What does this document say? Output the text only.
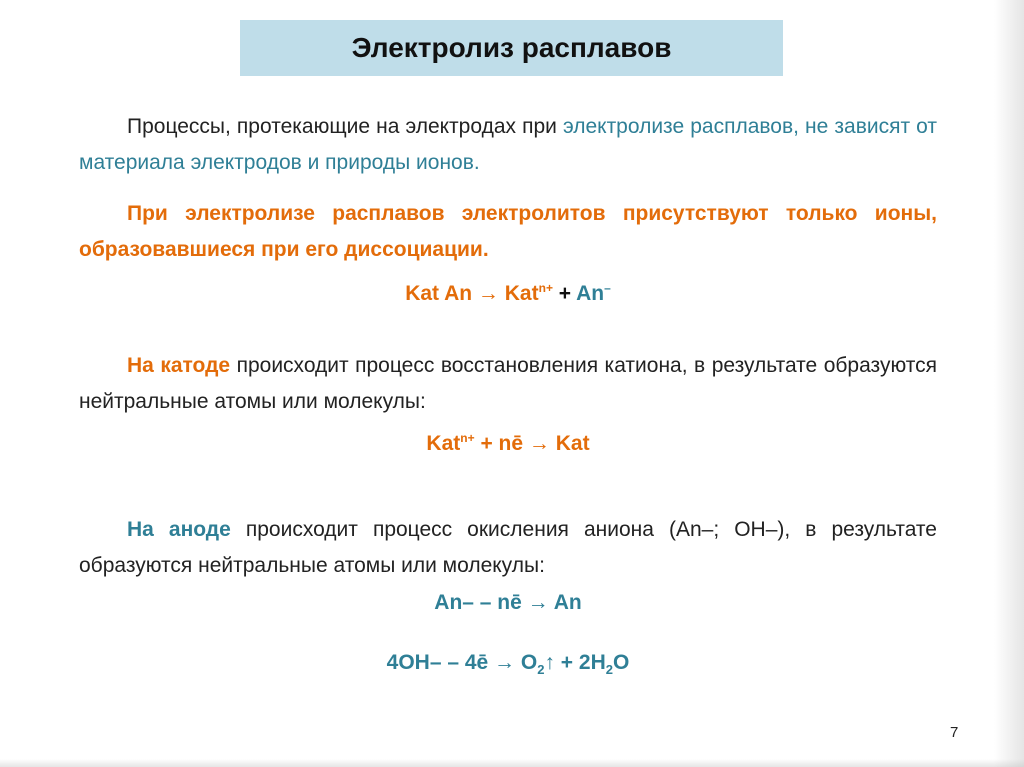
Электролиз расплавов
Процессы, протекающие на электродах при электролизе расплавов, не зависят от материала электродов и природы ионов.
При электролизе расплавов электролитов присутствуют только ионы, образовавшиеся при его диссоциации.
Kat An → Kat$^{n+}$ + An–
На катоде происходит процесс восстановления катиона, в результате образуются нейтральные атомы или молекулы:
Kat$^{n+}$ + nē → Kat
На аноде происходит процесс окисления аниона (An–; OH–), в результате образуются нейтральные атомы или молекулы:
An– – nē → An
4OH– – 4ē → $O_2↑ + 2H_2O$
7
